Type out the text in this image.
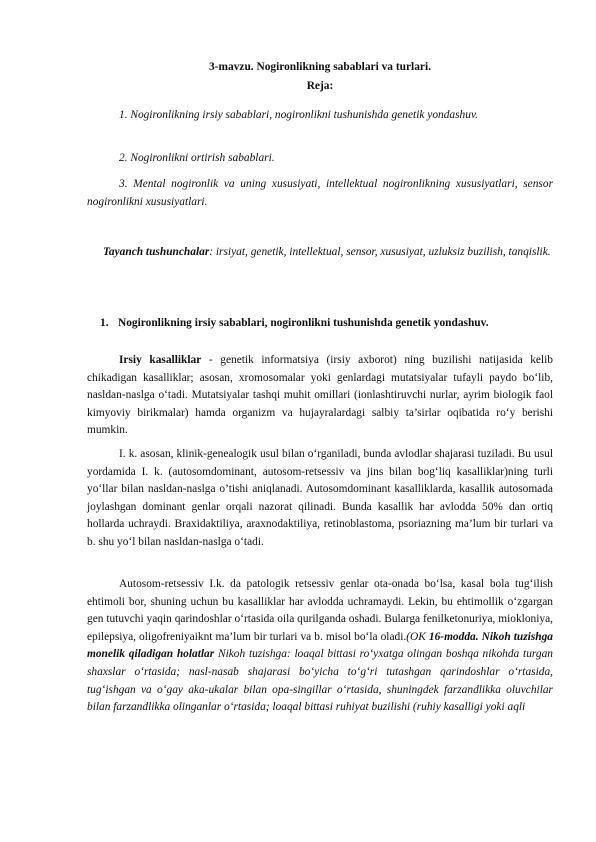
3-mavzu. Nogironlikning sabablari va turlari.
Reja:
1. Nogironlikning irsiy sabablari, nogironlikni tushunishda genetik yondashuv.
2. Nogironlikni ortirish sabablari.
3. Mental nogironlik va uning xususiyati, intellektual nogironlikning xususiyatlari, sensor nogironlikni xususiyatlari.
Tayanch tushunchalar: irsiyat, genetik, intellektual, sensor, xususiyat, uzluksiz buzilish, tanqislik.
1. Nogironlikning irsiy sabablari, nogironlikni tushunishda genetik yondashuv.
Irsiy kasalliklar - genetik informatsiya (irsiy axborot) ning buzilishi natijasida kelib chikadigan kasalliklar; asosan, xromosomalar yoki genlardagi mutatsiyalar tufayli paydo bo‘lib, nasldan-naslga o‘tadi. Mutatsiyalar tashqi muhit omillari (ionlashtiruvchi nurlar, ayrim biologik faol kimyoviy birikmalar) hamda organizm va hujayralardagi salbiy ta’sirlar oqibatida ro‘y berishi mumkin.
I. k. asosan, klinik-genealogik usul bilan o‘rganiladi, bunda avlodlar shajarasi tuziladi. Bu usul yordamida I. k. (autosomdominant, autosom-retsessiv va jins bilan bog‘liq kasalliklar)ning turli yo‘llar bilan nasldan-naslga o’tishi aniqlanadi. Autosomdominant kasalliklarda, kasallik autosomada joylashgan dominant genlar orqali nazorat qilinadi. Bunda kasallik har avlodda 50% dan ortiq hollarda uchraydi. Braxidaktiliya, araxnodaktiliya, retinoblastoma, psoriazning ma’lum bir turlari va b. shu yo‘l bilan nasldan-naslga o‘tadi.
Autosom-retsessiv I.k. da patologik retsessiv genlar ota-onada bo‘lsa, kasal bola tug‘ilish ehtimoli bor, shuning uchun bu kasalliklar har avlodda uchramaydi. Lekin, bu ehtimollik o‘zgargan gen tutuvchi yaqin qarindoshlar o‘rtasida oila qurilganda oshadi. Bularga fenilketonuriya, miokloniya, epilepsiya, oligofreniyaiknt ma’lum bir turlari va b. misol bo‘la oladi.(OK 16-modda. Nikoh tuzishga monelik qiladigan holatlar Nikoh tuzishga: loaqal bittasi ro‘yxatga olingan boshqa nikohda turgan shaxslar o‘rtasida; nasl-nasab shajarasi bo‘yicha to‘g‘ri tutashgan qarindoshlar o‘rtasida, tug‘ishgan va o‘gay aka-ukalar bilan opa-singillar o‘rtasida, shuningdek farzandlikka oluvchilar bilan farzandlikka olinganlar o‘rtasida; loaqal bittasi ruhiyat buzilishi (ruhiy kasalligi yoki aqli
